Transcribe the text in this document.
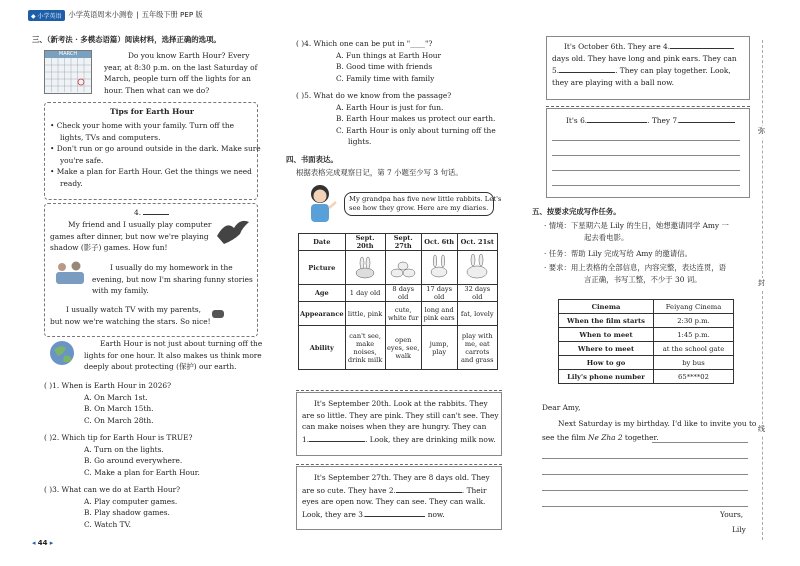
◆ 小学英语 小学英语周末小测卷 | 五年级下册 PEP 版
三、（新考法 · 多模态语篇）阅读材料，选择正确的选项。
MARCH	Do you know Earth Hour? Every
year, at 8:30 p.m. on the last Saturday of
March, people turn off the lights for an
hour. Then what can we do?
Tips for Earth Hour
• Check your home with your family. Turn off the
lights, TVs and computers.
• Don't run or go around outside in the dark. Make sure
you're safe.
• Make a plan for Earth Hour. Get the things we need
ready.
4.
My friend and I usually play computer
games after dinner, but now we're playing
shadow (影子) games. How fun!
I usually do my homework in the
evening, but now I'm sharing funny stories
with my family.
I usually watch TV with my parents,
but now we're watching the stars. So nice!
Earth Hour is not just about turning off the
lights for one hour. It also makes us think more
deeply about protecting (保护) our earth.
( )1. When is Earth Hour in 2026?
A. On March 1st.
B. On March 15th.
C. On March 28th.
( )2. Which tip for Earth Hour is TRUE?
A. Turn on the lights.
B. Go around everywhere.
C. Make a plan for Earth Hour.
( )3. What can we do at Earth Hour?
A. Play computer games.
B. Play shadow games.
C. Watch TV.
◂ 44 ▸
( )4. Which one can be put in "____"?
A. Fun things at Earth Hour
B. Good time with friends
C. Family time with family
( )5. What do we know from the passage?
A. Earth Hour is just for fun.
B. Earth Hour makes us protect our earth.
C. Earth Hour is only about turning off the
lights.
四、书面表达。
根据表格完成观察日记，第 7 小题至少写 3 句话。
My grandpa has five new little rabbits. Let's
see how they grow. Here are my diaries.
Date	Sept. 20th	Sept. 27th	Oct. 6th	Oct. 21st
Picture				
Age	1 day old	8 days old	17 days old	32 days old
Appearance	little, pink	cute, white fur	long and pink ears	fat, lovely
Ability	can't see, make noises, drink milk	open eyes, see, walk	jump, play	play with me, eat carrots and grass
It's September 20th. Look at the rabbits. They
are so little. They are pink. They still can't see. They
can make noises when they are hungry. They can
1.	. Look, they are drinking milk now.
It's September 27th. They are 8 days old. They
are so cute. They have 2.	. Their
eyes are open now. They can see. They can walk.
Look, they are 3.	now.
It's October 6th. They are 4.
days old. They have long and pink ears. They can
5.	. They can play together. Look,
they are playing with a ball now.
It's 6.	. They 7.
五、按要求完成写作任务。
· 情境：下星期六是 Lily 的生日，她想邀请同学 Amy 一
起去看电影。
· 任务：帮助 Lily 完成写给 Amy 的邀请信。
· 要求：用上表格的全部信息，内容完整，表达连贯，语
言正确，书写工整，不少于 30 词。
Cinema	Feiyang Cinema
When the film starts	2:30 p.m.
When to meet	1:45 p.m.
Where to meet	at the school gate
How to go	by bus
Lily's phone number	65****02
Dear Amy,
Next Saturday is my birthday. I'd like to invite you to
see the film Ne Zha 2 together.
Yours,
Lily
弥
封
线
